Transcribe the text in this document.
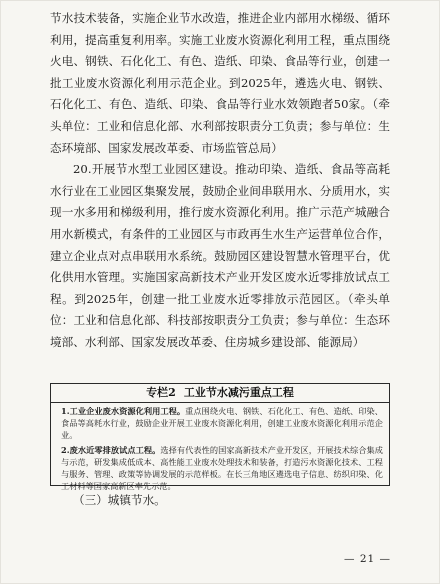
节水技术装备，实施企业节水改造，推进企业内部用水梯级、循环利用，提高重复利用率。实施工业废水资源化利用工程，重点围绕火电、钢铁、石化化工、有色、造纸、印染、食品等行业，创建一批工业废水资源化利用示范企业。到2025年，遴选火电、钢铁、石化化工、有色、造纸、印染、食品等行业水效领跑者50家。（牵头单位：工业和信息化部、水利部按职责分工负责；参与单位：生态环境部、国家发展改革委、市场监管总局）

20.开展节水型工业园区建设。推动印染、造纸、食品等高耗水行业在工业园区集聚发展，鼓励企业间串联用水、分质用水，实现一水多用和梯级利用，推行废水资源化利用。推广示范产城融合用水新模式，有条件的工业园区与市政再生水生产运营单位合作，建立企业点对点串联用水系统。鼓励园区建设智慧水管理平台，优化供用水管理。实施国家高新技术产业开发区废水近零排放试点工程。到2025年，创建一批工业废水近零排放示范园区。（牵头单位：工业和信息化部、科技部按职责分工负责；参与单位：生态环境部、水利部、国家发展改革委、住房城乡建设部、能源局）

专栏2 工业节水减污重点工程

1.工业企业废水资源化利用工程。重点围绕火电、钢铁、石化化工、有色、造纸、印染、食品等高耗水行业，鼓励企业开展工业废水资源化利用，创建工业废水资源化利用示范企业。

2.废水近零排放试点工程。选择有代表性的国家高新技术产业开发区，开展技术综合集成与示范，研发集成低成本、高性能工业废水处理技术和装备，打造污水资源化技术、工程与服务、管理、政策等协调发展的示范样板。在长三角地区遴选电子信息、纺织印染、化工材料等国家高新区率先示范。

（三）城镇节水。
— 21 —
